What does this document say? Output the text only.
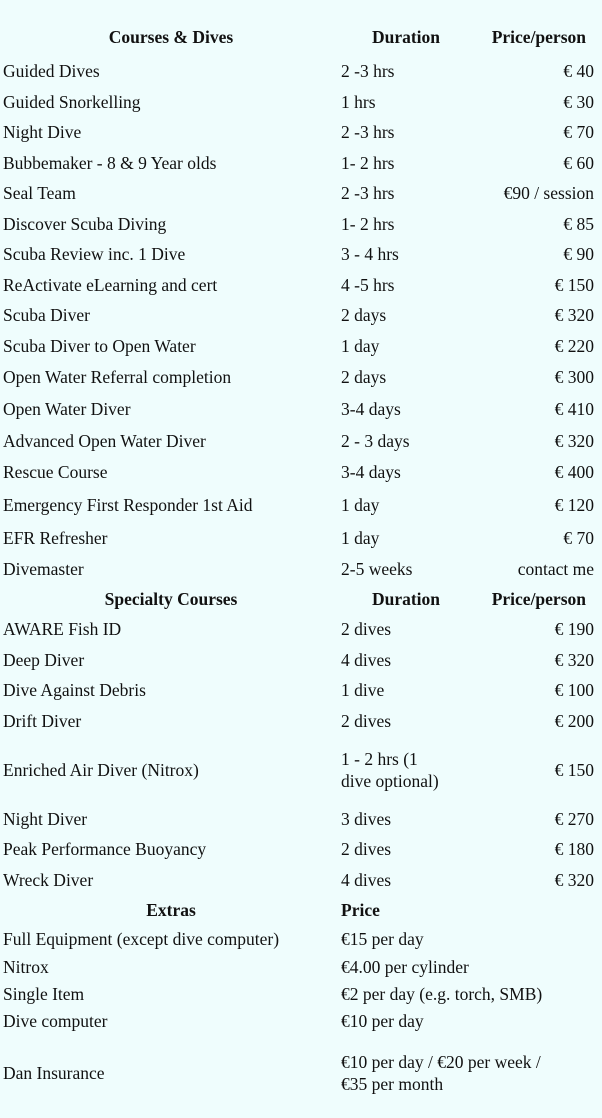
Courses & Dives	Duration	Price/person
Guided Dives	2 -3 hrs	€ 40
Guided Snorkelling	1 hrs	€ 30
Night Dive	2 -3 hrs	€ 70
Bubbemaker - 8 & 9 Year olds	1- 2 hrs	€ 60
Seal Team	2 -3 hrs	€90 / session
Discover Scuba Diving	1- 2 hrs	€ 85
Scuba Review inc. 1 Dive	3 - 4 hrs	€ 90
ReActivate eLearning and cert	4 -5 hrs	€ 150
Scuba Diver	2 days	€ 320
Scuba Diver to Open Water	1 day	€ 220
Open Water Referral completion	2 days	€ 300
Open Water Diver	3-4 days	€ 410
Advanced Open Water Diver	2 - 3 days	€ 320
Rescue Course	3-4 days	€ 400
Emergency First Responder 1st Aid	1 day	€ 120
EFR Refresher	1 day	€ 70
Divemaster	2-5 weeks	contact me
Specialty Courses	Duration	Price/person
AWARE Fish ID	2 dives	€ 190
Deep Diver	4 dives	€ 320
Dive Against Debris	1 dive	€ 100
Drift Diver	2 dives	€ 200
Enriched Air Diver (Nitrox)	1 - 2 hrs (1 dive optional)	€ 150
Night Diver	3 dives	€ 270
Peak Performance Buoyancy	2 dives	€ 180
Wreck Diver	4 dives	€ 320
Extras	Price	
Full Equipment (except dive computer)	€15 per day	
Nitrox	€4.00 per cylinder	
Single Item	€2 per day (e.g. torch, SMB)	
Dive computer	€10 per day	
Dan Insurance	€10 per day / €20 per week / €35 per month	
